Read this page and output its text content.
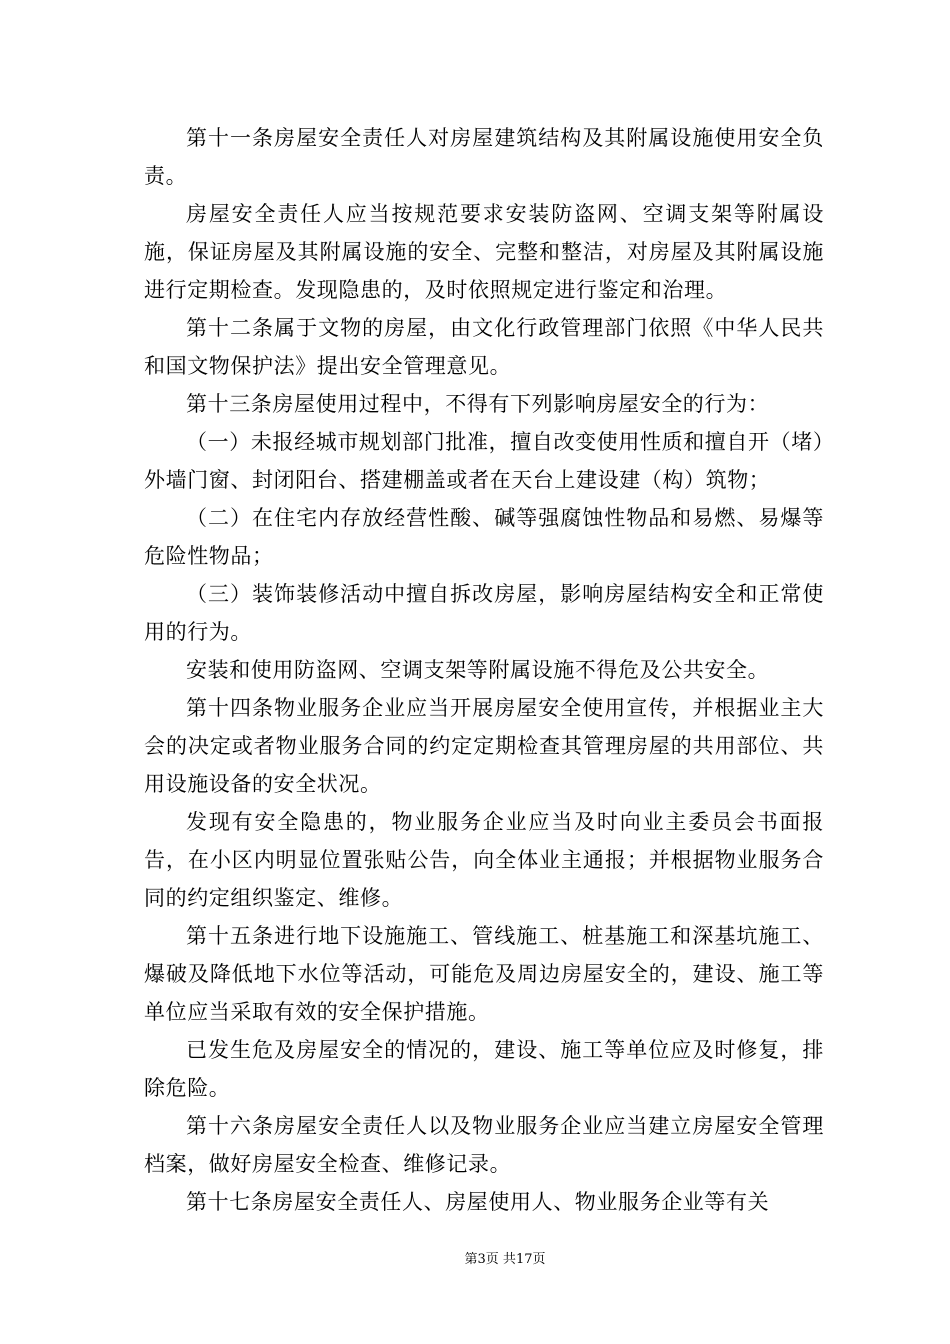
第十一条房屋安全责任人对房屋建筑结构及其附属设施使用安全负责。

房屋安全责任人应当按规范要求安装防盗网、空调支架等附属设施，保证房屋及其附属设施的安全、完整和整洁，对房屋及其附属设施进行定期检查。发现隐患的，及时依照规定进行鉴定和治理。

第十二条属于文物的房屋，由文化行政管理部门依照《中华人民共和国文物保护法》提出安全管理意见。

第十三条房屋使用过程中，不得有下列影响房屋安全的行为：

（一）未报经城市规划部门批准，擅自改变使用性质和擅自开（堵）外墙门窗、封闭阳台、搭建棚盖或者在天台上建设建（构）筑物；

（二）在住宅内存放经营性酸、碱等强腐蚀性物品和易燃、易爆等危险性物品；

（三）装饰装修活动中擅自拆改房屋，影响房屋结构安全和正常使用的行为。

安装和使用防盗网、空调支架等附属设施不得危及公共安全。

第十四条物业服务企业应当开展房屋安全使用宣传，并根据业主大会的决定或者物业服务合同的约定定期检查其管理房屋的共用部位、共用设施设备的安全状况。

发现有安全隐患的，物业服务企业应当及时向业主委员会书面报告，在小区内明显位置张贴公告，向全体业主通报；并根据物业服务合同的约定组织鉴定、维修。

第十五条进行地下设施施工、管线施工、桩基施工和深基坑施工、爆破及降低地下水位等活动，可能危及周边房屋安全的，建设、施工等单位应当采取有效的安全保护措施。

已发生危及房屋安全的情况的，建设、施工等单位应及时修复，排除危险。

第十六条房屋安全责任人以及物业服务企业应当建立房屋安全管理档案，做好房屋安全检查、维修记录。

第十七条房屋安全责任人、房屋使用人、物业服务企业等有关

第3页 共17页
